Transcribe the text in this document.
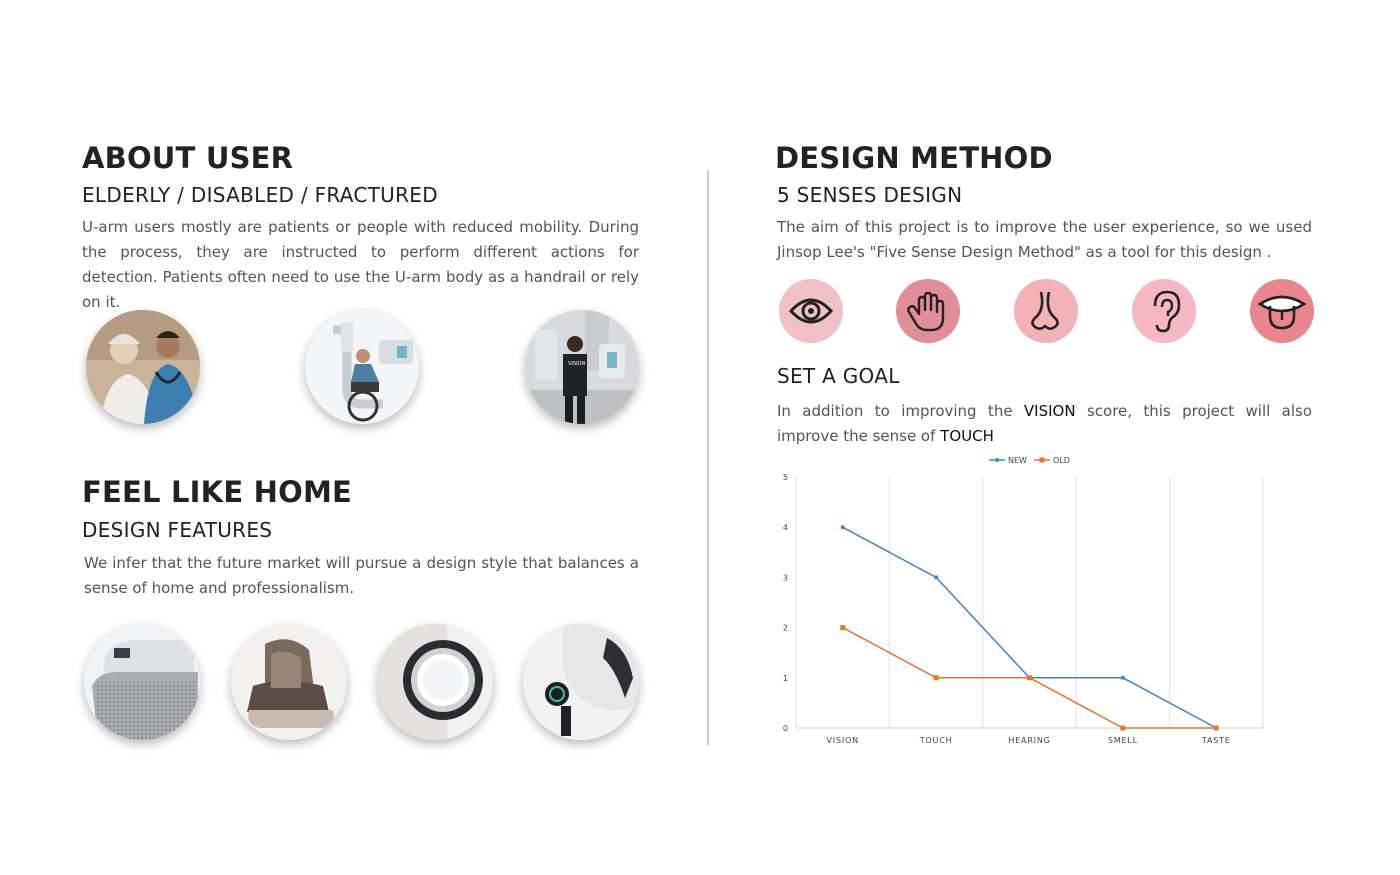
ABOUT USER
ELDERLY / DISABLED / FRACTURED
U-arm users mostly are patients or people with reduced mobility. During the process, they are instructed to perform different actions for detection. Patients often need to use the U-arm body as a handrail or rely on it.
VISION
FEEL LIKE HOME
DESIGN FEATURES
We infer that the future market will pursue a design style that balances a sense of home and professionalism.
DESIGN METHOD
5 SENSES DESIGN
The aim of this project is to improve the user experience, so we used Jinsop Lee's "Five Sense Design Method" as a tool for this design .
SET A GOAL
In addition to improving the VISION score, this project will also improve the sense of TOUCH
0
1
2
3
4
5
VISION	TOUCH	HEARING	SMELL	TASTE
NEW	OLD
